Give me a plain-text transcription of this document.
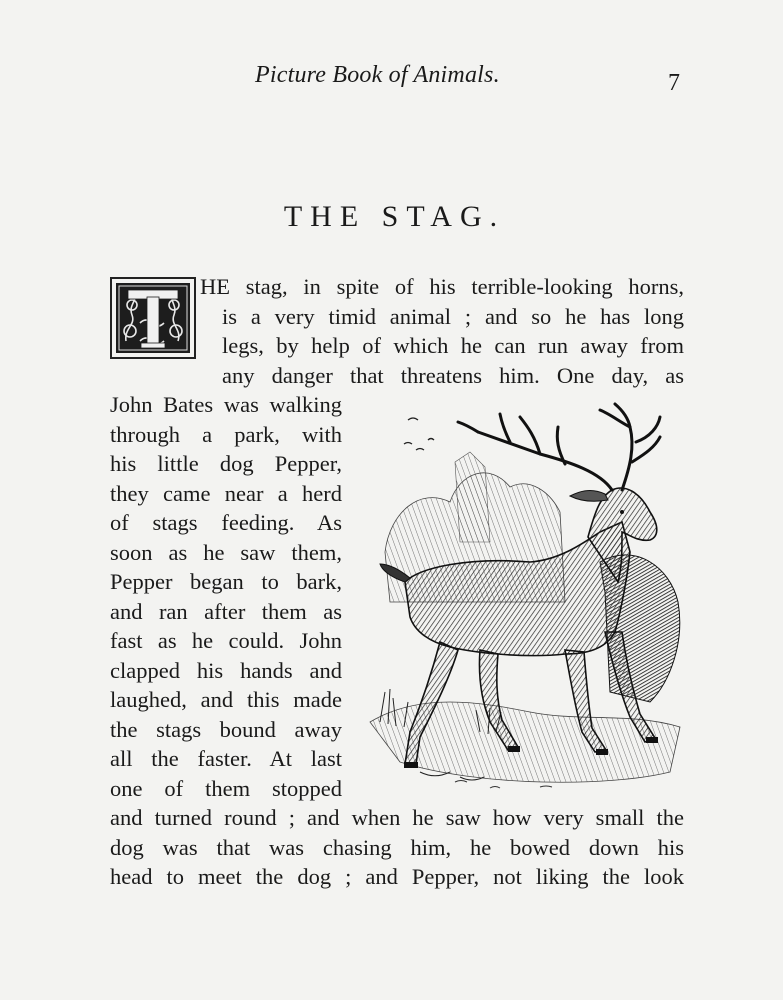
Picture Book of Animals.	7
THE STAG.
HE stag, in spite of his terrible-looking horns,
is a very timid animal ; and so he has long
legs, by help of which he can run away from
any danger that threatens him. One day, as
John Bates was walking
through a park, with
his little dog Pepper,
they came near a herd
of stags feeding. As
soon as he saw them,
Pepper began to bark,
and ran after them as
fast as he could. John
clapped his hands and
laughed, and this made
the stags bound away
all the faster. At last
one of them stopped
and turned round ; and when he saw how very small the
dog was that was chasing him, he bowed down his
head to meet the dog ; and Pepper, not liking the look
